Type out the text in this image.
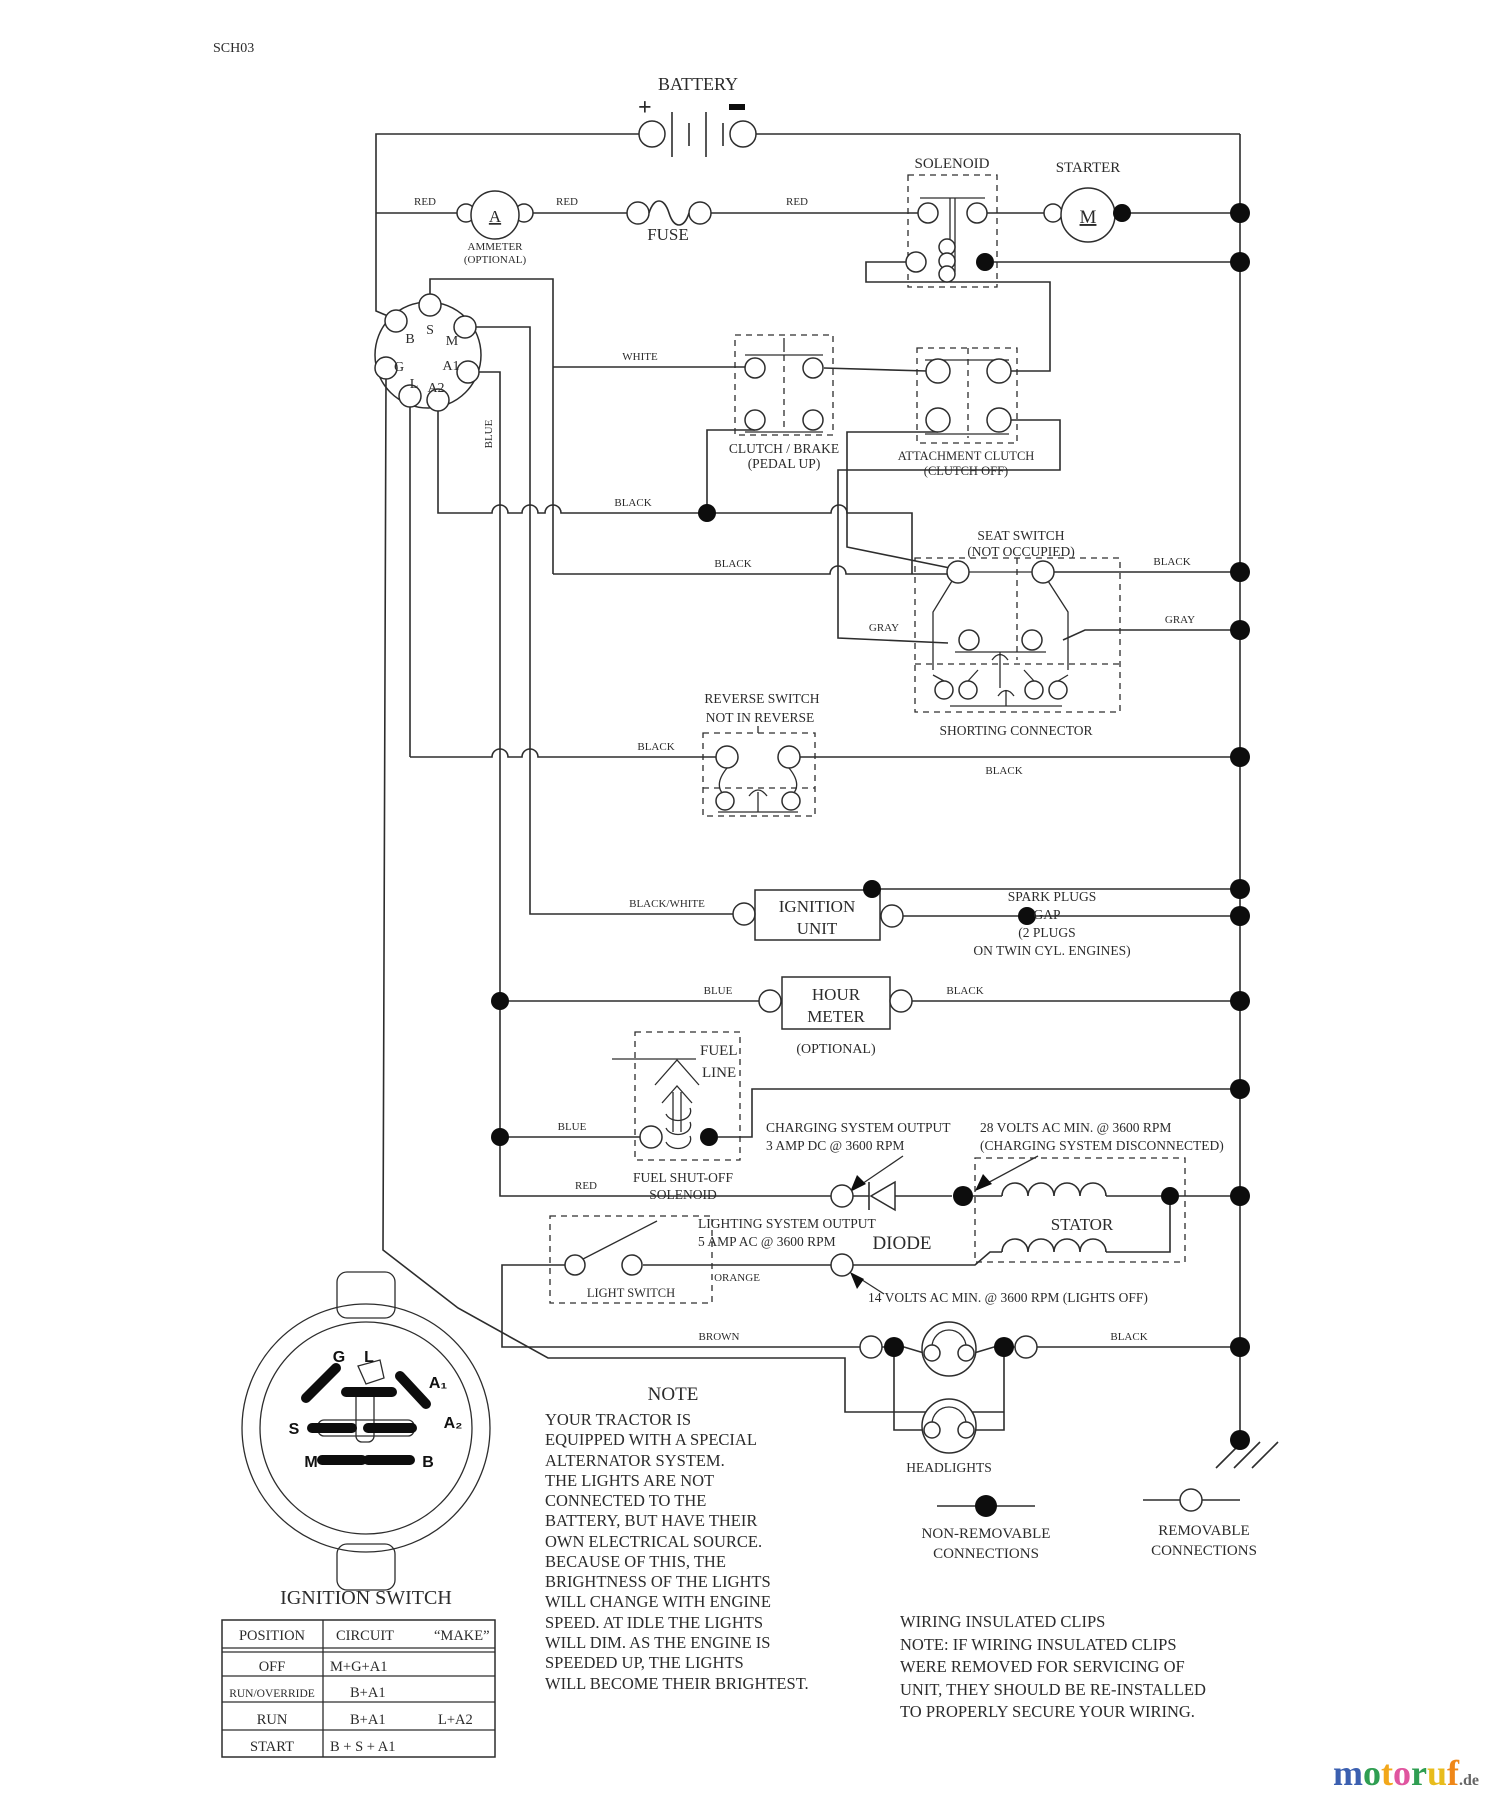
SCH03
BATTERY
+
A
AMMETER
(OPTIONAL)
FUSE
SOLENOID	STARTER
M
B
S
M
G	A1
L A2
CLUTCH / BRAKE
(PEDAL UP)	ATTACHMENT CLUTCH
(CLUTCH OFF)
SEAT SWITCH
(NOT OCCUPIED)
SHORTING CONNECTOR
REVERSE SWITCH
NOT IN REVERSE
IGNITION
UNIT
SPARK PLUGS
GAP
(2 PLUGS
ON TWIN CYL. ENGINES)
HOUR
METER
(OPTIONAL)
FUEL
LINE
FUEL SHUT-OFF
SOLENOID
CHARGING SYSTEM OUTPUT
3 AMP DC @ 3600 RPM
28 VOLTS AC MIN. @ 3600 RPM
(CHARGING SYSTEM DISCONNECTED)
LIGHTING SYSTEM OUTPUT
5 AMP AC @ 3600 RPM DIODE
STATOR
LIGHT SWITCH	14 VOLTS AC MIN. @ 3600 RPM (LIGHTS OFF)
HEADLIGHTS
RED	RED	RED
WHITE
BLUE
BLACK
BLACK	BLACK
GRAY
GRAY
BLACK
BLACK
BLACK/WHITE
BLUE	BLACK
BLUE
RED
ORANGE
BROWN	BLACK
G L
A₁
A₂
S
M	B
IGNITION SWITCH
POSITION CIRCUIT	“MAKE”
OFF	M+G+A1
RUN/OVERRIDE B+A1
RUN	B+A1	L+A2
START B + S + A1
NOTE
YOUR TRACTOR IS
EQUIPPED WITH A SPECIAL
ALTERNATOR SYSTEM.
THE LIGHTS ARE NOT
CONNECTED TO THE
BATTERY, BUT HAVE THEIR
OWN ELECTRICAL SOURCE.
BECAUSE OF THIS, THE
BRIGHTNESS OF THE LIGHTS
WILL CHANGE WITH ENGINE
SPEED. AT IDLE THE LIGHTS
WILL DIM. AS THE ENGINE IS
SPEEDED UP, THE LIGHTS
WILL BECOME THEIR BRIGHTEST.
NON-REMOVABLE
CONNECTIONS
REMOVABLE
CONNECTIONS
WIRING INSULATED CLIPS
NOTE: IF WIRING INSULATED CLIPS
WERE REMOVED FOR SERVICING OF
UNIT, THEY SHOULD BE RE-INSTALLED
TO PROPERLY SECURE YOUR WIRING.
motoruf.de
